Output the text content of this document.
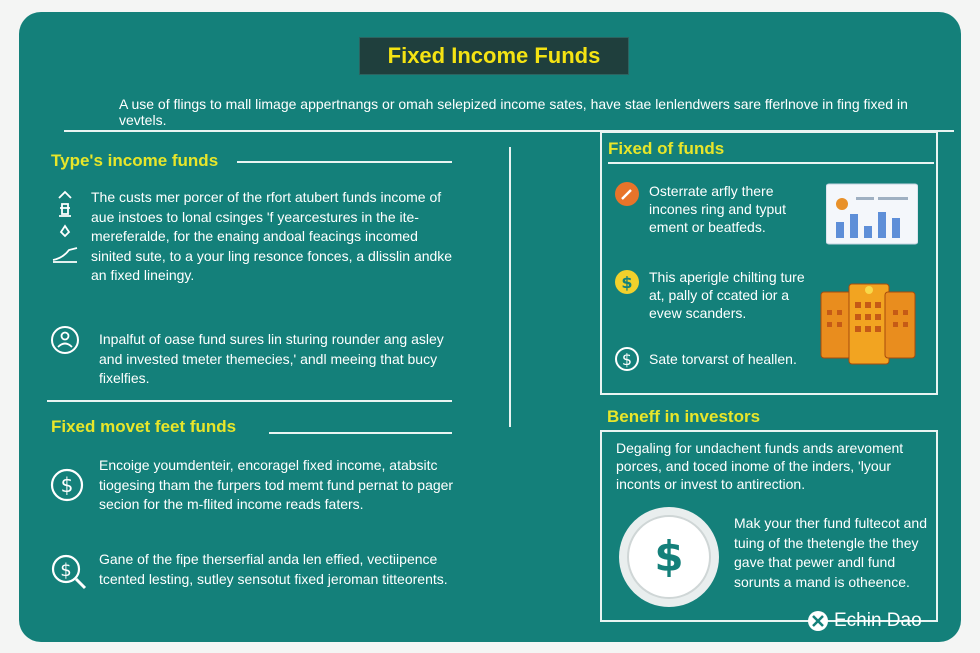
Fixed Income Funds
A use of flings to mall limage appertnangs or omah selepized income sates, have stae lenlendwers sare fferlnove in fing fixed in vevtels.
Type's income funds
The custs mer porcer of the rfort atubert funds income of aue instoes to lonal csinges 'f yearcestures in the ite-mereferalde, for the enaing andoal feacings incomed sinited sute, to a your ling resonce fonces, a dlisslin andke an fixed lineingy.
Inpalfut of oase fund sures lin sturing rounder ang asley and invested tmeter themecies,' andl meeing that bucy fixelfies.
Fixed movet feet funds
$
Encoige youmdenteir, encoragel fixed income, atabsitc tiogesing tham the furpers tod memt fund pernat to pager secion for the m-flited income reads faters.
$
Gane of the fipe therserfial anda len effied, vectiipence tcented lesting, sutley sensotut fixed jeroman titteorents.
Fixed of funds
Osterrate arfly there incones ring and typut ement or beatfeds.
$ This aperigle chilting ture at, pally of ccated ior a evew scanders.
$ Sate torvarst of heallen.
Beneff in investors
Degaling for undachent funds ands arevoment porces, and toced inome of the inders, 'lyour inconts or invest to antirection.
$
Mak your ther fund fultecot and tuing of the thetengle the they gave that pewer andl fund sorunts a mand is otheence.
Echin Dao
